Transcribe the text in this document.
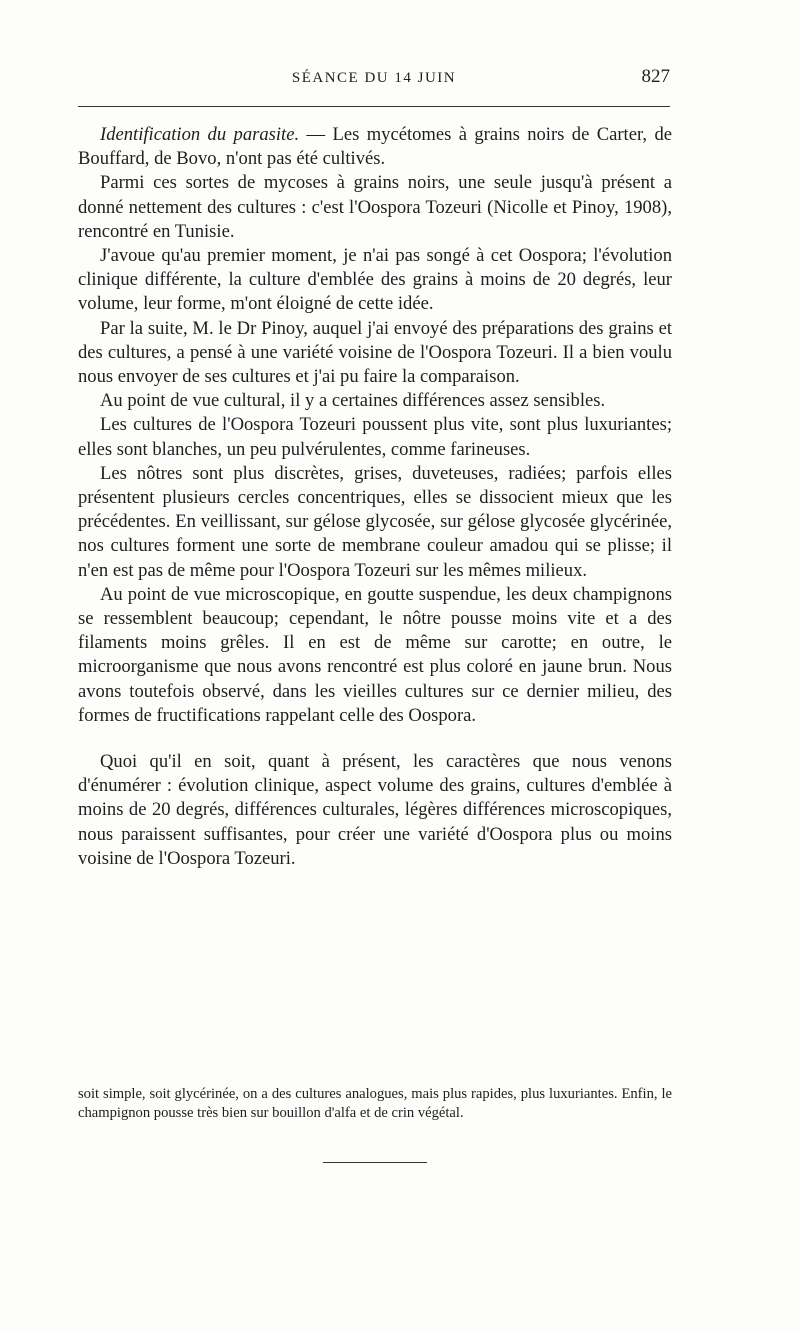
SÉANCE DU 14 JUIN	827

Identification du parasite. — Les mycétomes à grains noirs de Carter, de Bouffard, de Bovo, n'ont pas été cultivés.

Parmi ces sortes de mycoses à grains noirs, une seule jusqu'à présent a donné nettement des cultures : c'est l'Oospora Tozeuri (Nicolle et Pinoy, 1908), rencontré en Tunisie.

J'avoue qu'au premier moment, je n'ai pas songé à cet Oospora; l'évolution clinique différente, la culture d'emblée des grains à moins de 20 degrés, leur volume, leur forme, m'ont éloigné de cette idée.

Par la suite, M. le Dr Pinoy, auquel j'ai envoyé des préparations des grains et des cultures, a pensé à une variété voisine de l'Oospora Tozeuri. Il a bien voulu nous envoyer de ses cultures et j'ai pu faire la comparaison.

Au point de vue cultural, il y a certaines différences assez sensibles.

Les cultures de l'Oospora Tozeuri poussent plus vite, sont plus luxuriantes; elles sont blanches, un peu pulvérulentes, comme farineuses.

Les nôtres sont plus discrètes, grises, duveteuses, radiées; parfois elles présentent plusieurs cercles concentriques, elles se dissocient mieux que les précédentes. En veillissant, sur gélose glycosée, sur gélose glycosée glycérinée, nos cultures forment une sorte de membrane couleur amadou qui se plisse; il n'en est pas de même pour l'Oospora Tozeuri sur les mêmes milieux.

Au point de vue microscopique, en goutte suspendue, les deux champignons se ressemblent beaucoup; cependant, le nôtre pousse moins vite et a des filaments moins grêles. Il en est de même sur carotte; en outre, le microorganisme que nous avons rencontré est plus coloré en jaune brun. Nous avons toutefois observé, dans les vieilles cultures sur ce dernier milieu, des formes de fructifications rappelant celle des Oospora.

Quoi qu'il en soit, quant à présent, les caractères que nous venons d'énumérer : évolution clinique, aspect volume des grains, cultures d'emblée à moins de 20 degrés, différences culturales, légères différences microscopiques, nous paraissent suffisantes, pour créer une variété d'Oospora plus ou moins voisine de l'Oospora Tozeuri.

soit simple, soit glycérinée, on a des cultures analogues, mais plus rapides, plus luxuriantes. Enfin, le champignon pousse très bien sur bouillon d'alfa et de crin végétal.
